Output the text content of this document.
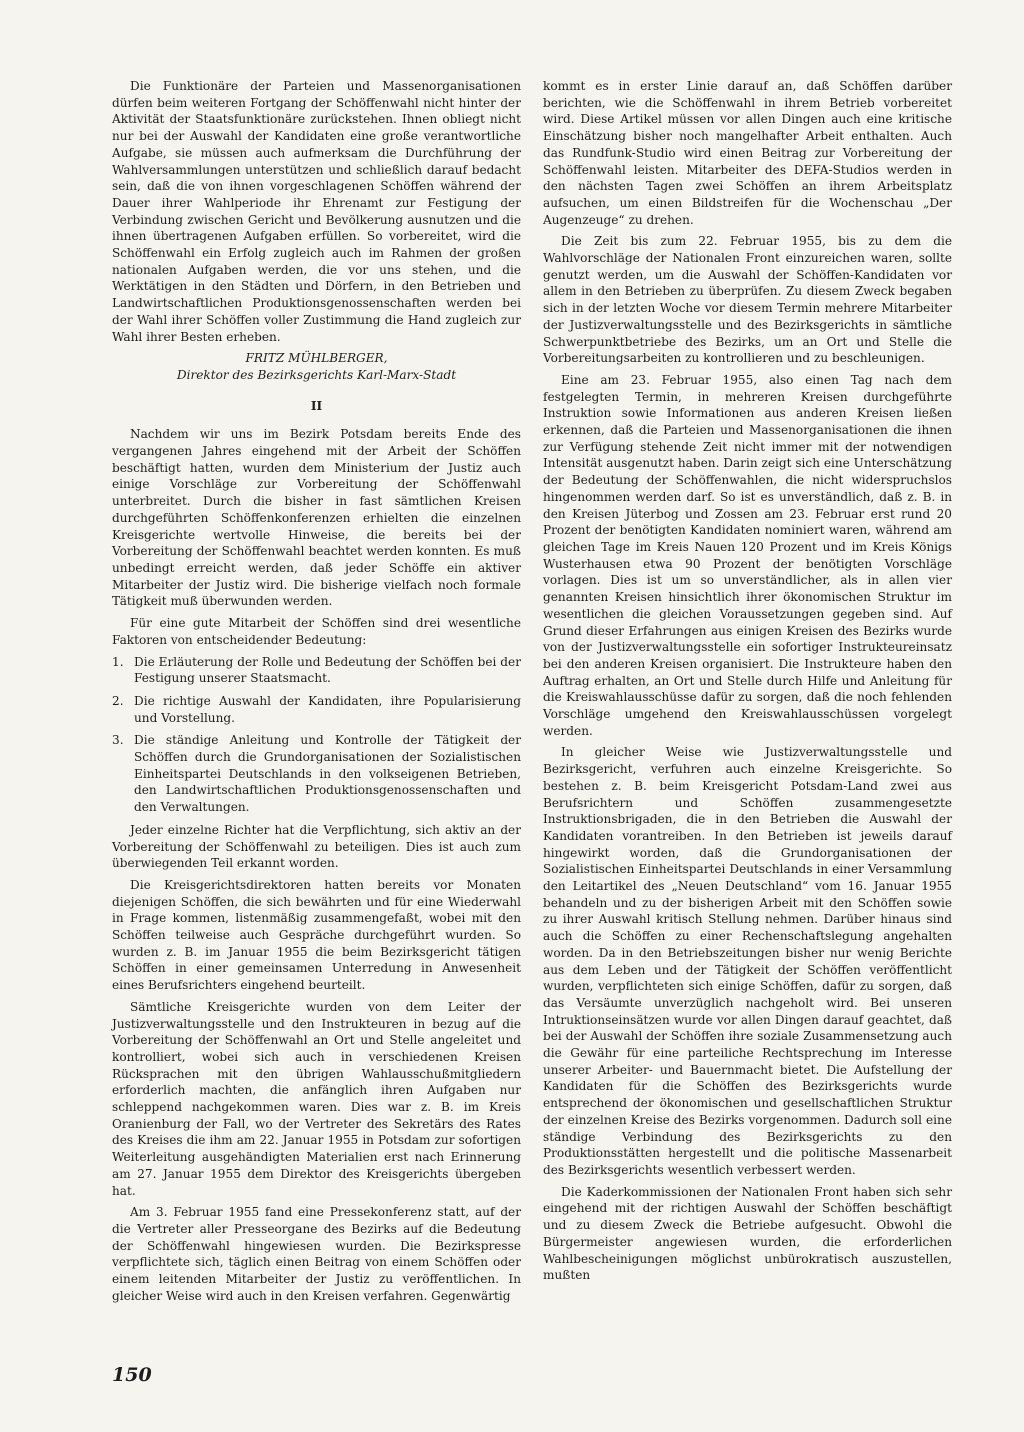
Die Funktionäre der Parteien und Massenorganisationen dürfen beim weiteren Fortgang der Schöffenwahl nicht hinter der Aktivität der Staatsfunktionäre zurückstehen. Ihnen obliegt nicht nur bei der Auswahl der Kandidaten eine große verantwortliche Aufgabe, sie müssen auch aufmerksam die Durchführung der Wahlversammlungen unterstützen und schließlich darauf bedacht sein, daß die von ihnen vorgeschlagenen Schöffen während der Dauer ihrer Wahlperiode ihr Ehrenamt zur Festigung der Verbindung zwischen Gericht und Bevölkerung ausnutzen und die ihnen übertragenen Aufgaben erfüllen. So vorbereitet, wird die Schöffenwahl ein Erfolg zugleich auch im Rahmen der großen nationalen Aufgaben werden, die vor uns stehen, und die Werktätigen in den Städten und Dörfern, in den Betrieben und Landwirtschaftlichen Produktionsgenossenschaften werden bei der Wahl ihrer Schöffen voller Zustimmung die Hand zugleich zur Wahl ihrer Besten erheben.

FRITZ MÜHLBERGER,
Direktor des Bezirksgerichts Karl-Marx-Stadt
II

Nachdem wir uns im Bezirk Potsdam bereits Ende des vergangenen Jahres eingehend mit der Arbeit der Schöffen beschäftigt hatten, wurden dem Ministerium der Justiz auch einige Vorschläge zur Vorbereitung der Schöffenwahl unterbreitet. Durch die bisher in fast sämtlichen Kreisen durchgeführten Schöffenkonferenzen erhielten die einzelnen Kreisgerichte wertvolle Hinweise, die bereits bei der Vorbereitung der Schöffenwahl beachtet werden konnten. Es muß unbedingt erreicht werden, daß jeder Schöffe ein aktiver Mitarbeiter der Justiz wird. Die bisherige vielfach noch formale Tätigkeit muß überwunden werden.

Für eine gute Mitarbeit der Schöffen sind drei wesentliche Faktoren von entscheidender Bedeutung:

1. Die Erläuterung der Rolle und Bedeutung der Schöffen bei der Festigung unserer Staatsmacht.
2. Die richtige Auswahl der Kandidaten, ihre Popularisierung und Vorstellung.
3. Die ständige Anleitung und Kontrolle der Tätigkeit der Schöffen durch die Grundorganisationen der Sozialistischen Einheitspartei Deutschlands in den volkseigenen Betrieben, den Landwirtschaftlichen Produktionsgenossenschaften und den Verwaltungen.

Jeder einzelne Richter hat die Verpflichtung, sich aktiv an der Vorbereitung der Schöffenwahl zu beteiligen. Dies ist auch zum überwiegenden Teil erkannt worden.

Die Kreisgerichtsdirektoren hatten bereits vor Monaten diejenigen Schöffen, die sich bewährten und für eine Wiederwahl in Frage kommen, listenmäßig zusammengefaßt, wobei mit den Schöffen teilweise auch Gespräche durchgeführt wurden. So wurden z. B. im Januar 1955 die beim Bezirksgericht tätigen Schöffen in einer gemeinsamen Unterredung in Anwesenheit eines Berufsrichters eingehend beurteilt.

Sämtliche Kreisgerichte wurden von dem Leiter der Justizverwaltungsstelle und den Instrukteuren in bezug auf die Vorbereitung der Schöffenwahl an Ort und Stelle angeleitet und kontrolliert, wobei sich auch in verschiedenen Kreisen Rücksprachen mit den übrigen Wahlausschußmitgliedern erforderlich machten, die anfänglich ihren Aufgaben nur schleppend nachgekommen waren. Dies war z. B. im Kreis Oranienburg der Fall, wo der Vertreter des Sekretärs des Rates des Kreises die ihm am 22. Januar 1955 in Potsdam zur sofortigen Weiterleitung ausgehändigten Materialien erst nach Erinnerung am 27. Januar 1955 dem Direktor des Kreisgerichts übergeben hat.

Am 3. Februar 1955 fand eine Pressekonferenz statt, auf der die Vertreter aller Presseorgane des Bezirks auf die Bedeutung der Schöffenwahl hingewiesen wurden. Die Bezirkspresse verpflichtete sich, täglich einen Beitrag von einem Schöffen oder einem leitenden Mitarbeiter der Justiz zu veröffentlichen. In gleicher Weise wird auch in den Kreisen verfahren. Gegenwärtig

kommt es in erster Linie darauf an, daß Schöffen darüber berichten, wie die Schöffenwahl in ihrem Betrieb vorbereitet wird. Diese Artikel müssen vor allen Dingen auch eine kritische Einschätzung bisher noch mangelhafter Arbeit enthalten. Auch das Rundfunk-Studio wird einen Beitrag zur Vorbereitung der Schöffenwahl leisten. Mitarbeiter des DEFA-Studios werden in den nächsten Tagen zwei Schöffen an ihrem Arbeitsplatz aufsuchen, um einen Bildstreifen für die Wochenschau „Der Augenzeuge“ zu drehen.

Die Zeit bis zum 22. Februar 1955, bis zu dem die Wahlvorschläge der Nationalen Front einzureichen waren, sollte genutzt werden, um die Auswahl der Schöffen-Kandidaten vor allem in den Betrieben zu überprüfen. Zu diesem Zweck begaben sich in der letzten Woche vor diesem Termin mehrere Mitarbeiter der Justizverwaltungsstelle und des Bezirksgerichts in sämtliche Schwerpunktbetriebe des Bezirks, um an Ort und Stelle die Vorbereitungsarbeiten zu kontrollieren und zu beschleunigen.

Eine am 23. Februar 1955, also einen Tag nach dem festgelegten Termin, in mehreren Kreisen durchgeführte Instruktion sowie Informationen aus anderen Kreisen ließen erkennen, daß die Parteien und Massenorganisationen die ihnen zur Verfügung stehende Zeit nicht immer mit der notwendigen Intensität ausgenutzt haben. Darin zeigt sich eine Unterschätzung der Bedeutung der Schöffenwahlen, die nicht widerspruchslos hingenommen werden darf. So ist es unverständlich, daß z. B. in den Kreisen Jüterbog und Zossen am 23. Februar erst rund 20 Prozent der benötigten Kandidaten nominiert waren, während am gleichen Tage im Kreis Nauen 120 Prozent und im Kreis Königs Wusterhausen etwa 90 Prozent der benötigten Vorschläge vorlagen. Dies ist um so unverständlicher, als in allen vier genannten Kreisen hinsichtlich ihrer ökonomischen Struktur im wesentlichen die gleichen Voraussetzungen gegeben sind. Auf Grund dieser Erfahrungen aus einigen Kreisen des Bezirks wurde von der Justizverwaltungsstelle ein sofortiger Instrukteureinsatz bei den anderen Kreisen organisiert. Die Instrukteure haben den Auftrag erhalten, an Ort und Stelle durch Hilfe und Anleitung für die Kreiswahlausschüsse dafür zu sorgen, daß die noch fehlenden Vorschläge umgehend den Kreiswahlausschüssen vorgelegt werden.

In gleicher Weise wie Justizverwaltungsstelle und Bezirksgericht, verfuhren auch einzelne Kreisgerichte. So bestehen z. B. beim Kreisgericht Potsdam-Land zwei aus Berufsrichtern und Schöffen zusammengesetzte Instruktionsbrigaden, die in den Betrieben die Auswahl der Kandidaten vorantreiben. In den Betrieben ist jeweils darauf hingewirkt worden, daß die Grundorganisationen der Sozialistischen Einheitspartei Deutschlands in einer Versammlung den Leitartikel des „Neuen Deutschland“ vom 16. Januar 1955 behandeln und zu der bisherigen Arbeit mit den Schöffen sowie zu ihrer Auswahl kritisch Stellung nehmen. Darüber hinaus sind auch die Schöffen zu einer Rechenschaftslegung angehalten worden. Da in den Betriebszeitungen bisher nur wenig Berichte aus dem Leben und der Tätigkeit der Schöffen veröffentlicht wurden, verpflichteten sich einige Schöffen, dafür zu sorgen, daß das Versäumte unverzüglich nachgeholt wird. Bei unseren Intruktionseinsätzen wurde vor allen Dingen darauf geachtet, daß bei der Auswahl der Schöffen ihre soziale Zusammensetzung auch die Gewähr für eine parteiliche Rechtsprechung im Interesse unserer Arbeiter- und Bauernmacht bietet. Die Aufstellung der Kandidaten für die Schöffen des Bezirksgerichts wurde entsprechend der ökonomischen und gesellschaftlichen Struktur der einzelnen Kreise des Bezirks vorgenommen. Dadurch soll eine ständige Verbindung des Bezirksgerichts zu den Produktionsstätten hergestellt und die politische Massenarbeit des Bezirksgerichts wesentlich verbessert werden.

Die Kaderkommissionen der Nationalen Front haben sich sehr eingehend mit der richtigen Auswahl der Schöffen beschäftigt und zu diesem Zweck die Betriebe aufgesucht. Obwohl die Bürgermeister angewiesen wurden, die erforderlichen Wahlbescheinigungen möglichst unbürokratisch auszustellen, mußten

150
